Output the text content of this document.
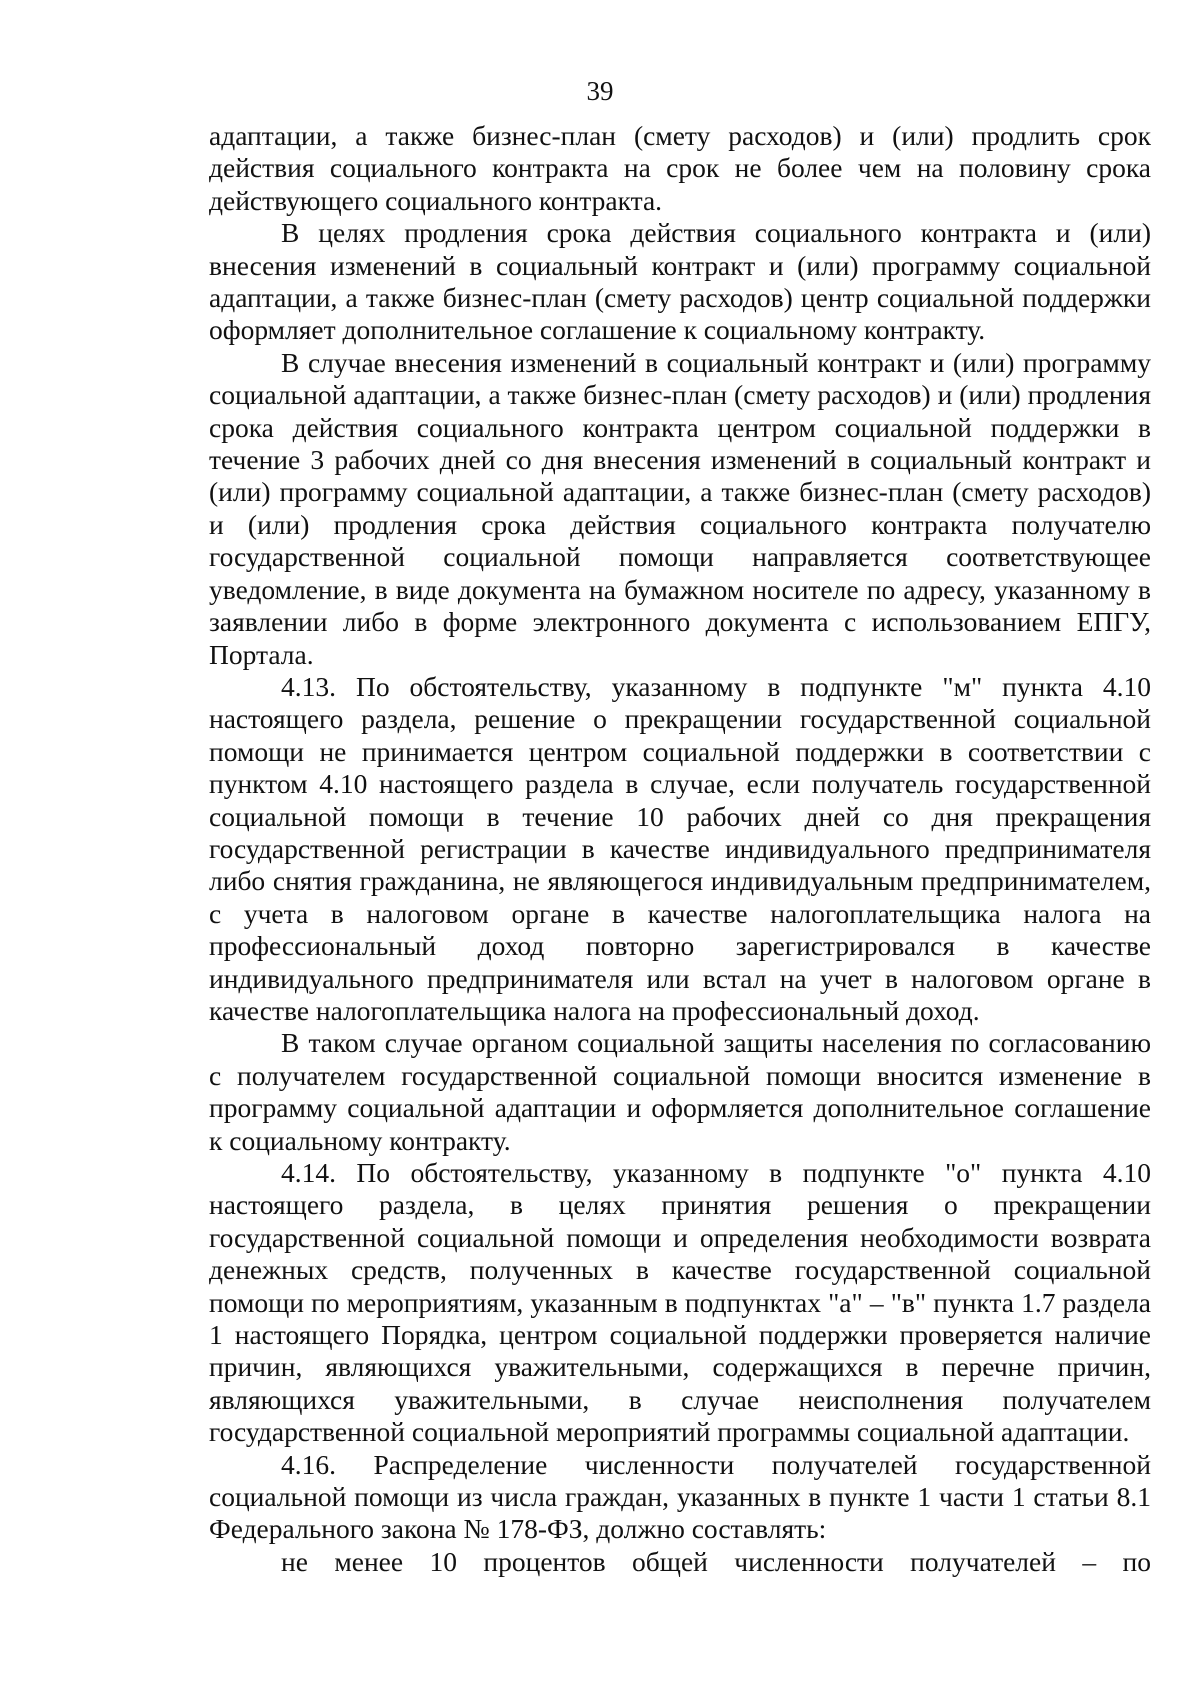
39

адаптации, а также бизнес-план (смету расходов) и (или) продлить срок действия социального контракта на срок не более чем на половину срока действующего социального контракта.

В целях продления срока действия социального контракта и (или) внесения изменений в социальный контракт и (или) программу социальной адаптации, а также бизнес-план (смету расходов) центр социальной поддержки оформляет дополнительное соглашение к социальному контракту.

В случае внесения изменений в социальный контракт и (или) программу социальной адаптации, а также бизнес-план (смету расходов) и (или) продления срока действия социального контракта центром социальной поддержки в течение 3 рабочих дней со дня внесения изменений в социальный контракт и (или) программу социальной адаптации, а также бизнес-план (смету расходов) и (или) продления срока действия социального контракта получателю государственной социальной помощи направляется соответствующее уведомление, в виде документа на бумажном носителе по адресу, указанному в заявлении либо в форме электронного документа с использованием ЕПГУ, Портала.

4.13. По обстоятельству, указанному в подпункте "м" пункта 4.10 настоящего раздела, решение о прекращении государственной социальной помощи не принимается центром социальной поддержки в соответствии с пунктом 4.10 настоящего раздела в случае, если получатель государственной социальной помощи в течение 10 рабочих дней со дня прекращения государственной регистрации в качестве индивидуального предпринимателя либо снятия гражданина, не являющегося индивидуальным предпринимателем, с учета в налоговом органе в качестве налогоплательщика налога на профессиональный доход повторно зарегистрировался в качестве индивидуального предпринимателя или встал на учет в налоговом органе в качестве налогоплательщика налога на профессиональный доход.

В таком случае органом социальной защиты населения по согласованию с получателем государственной социальной помощи вносится изменение в программу социальной адаптации и оформляется дополнительное соглашение к социальному контракту.

4.14. По обстоятельству, указанному в подпункте "о" пункта 4.10 настоящего раздела, в целях принятия решения о прекращении государственной социальной помощи и определения необходимости возврата денежных средств, полученных в качестве государственной социальной помощи по мероприятиям, указанным в подпунктах "а" – "в" пункта 1.7 раздела 1 настоящего Порядка, центром социальной поддержки проверяется наличие причин, являющихся уважительными, содержащихся в перечне причин, являющихся уважительными, в случае неисполнения получателем государственной социальной мероприятий программы социальной адаптации.

4.16. Распределение численности получателей государственной социальной помощи из числа граждан, указанных в пункте 1 части 1 статьи 8.1 Федерального закона № 178-ФЗ, должно составлять:

не менее 10 процентов общей численности получателей – по
